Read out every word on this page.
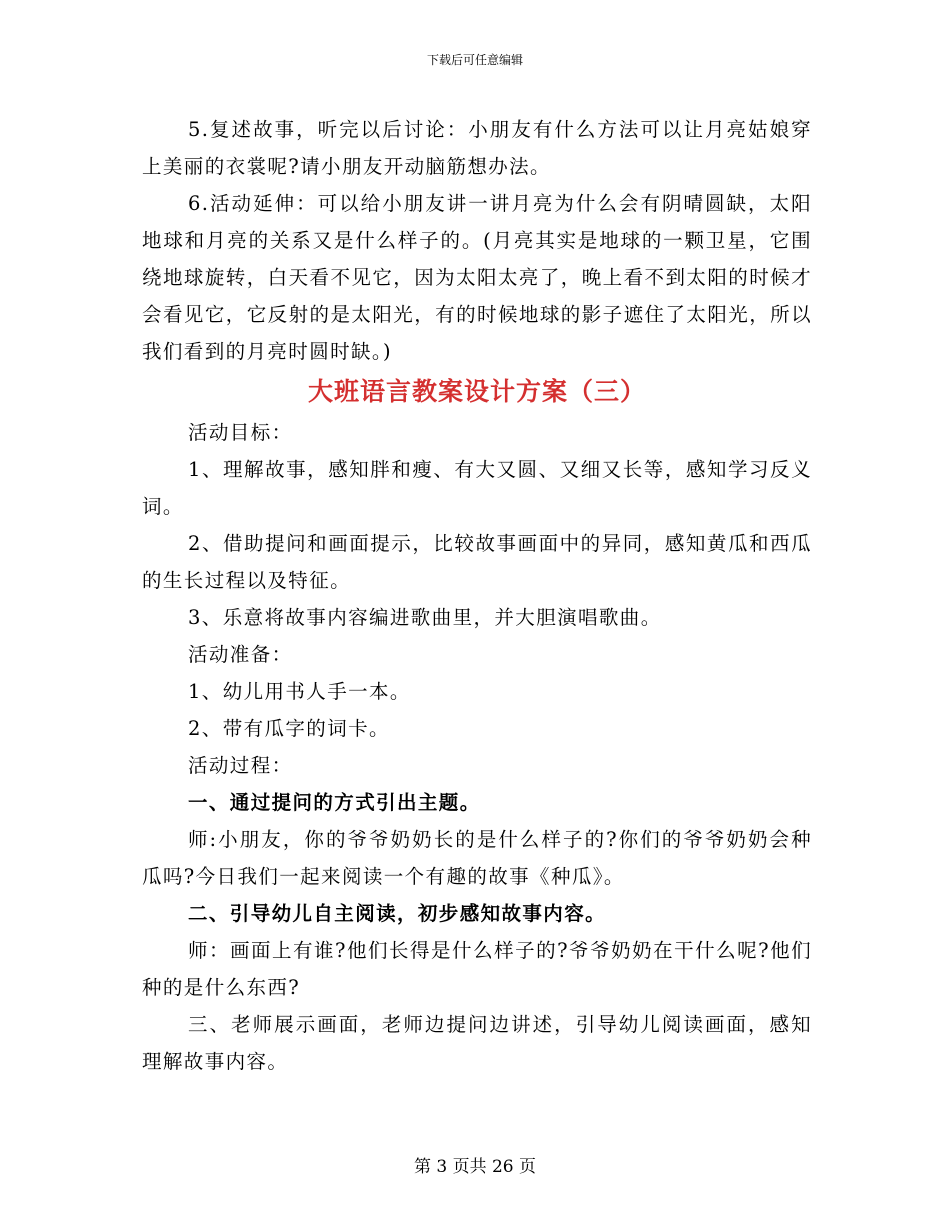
下载后可任意编辑

5.复述故事，听完以后讨论：小朋友有什么方法可以让月亮姑娘穿上美丽的衣裳呢?请小朋友开动脑筋想办法。

6.活动延伸：可以给小朋友讲一讲月亮为什么会有阴晴圆缺，太阳地球和月亮的关系又是什么样子的。(月亮其实是地球的一颗卫星，它围绕地球旋转，白天看不见它，因为太阳太亮了，晚上看不到太阳的时候才会看见它，它反射的是太阳光，有的时候地球的影子遮住了太阳光，所以我们看到的月亮时圆时缺。)

大班语言教案设计方案（三）

活动目标：

1、理解故事，感知胖和瘦、有大又圆、又细又长等，感知学习反义词。

2、借助提问和画面提示，比较故事画面中的异同，感知黄瓜和西瓜的生长过程以及特征。

3、乐意将故事内容编进歌曲里，并大胆演唱歌曲。

活动准备：

1、幼儿用书人手一本。

2、带有瓜字的词卡。

活动过程：

一、通过提问的方式引出主题。

师:小朋友，你的爷爷奶奶长的是什么样子的?你们的爷爷奶奶会种瓜吗?今日我们一起来阅读一个有趣的故事《种瓜》。

二、引导幼儿自主阅读，初步感知故事内容。

师：画面上有谁?他们长得是什么样子的?爷爷奶奶在干什么呢?他们种的是什么东西?

三、老师展示画面，老师边提问边讲述，引导幼儿阅读画面，感知理解故事内容。

第 3 页共 26 页
